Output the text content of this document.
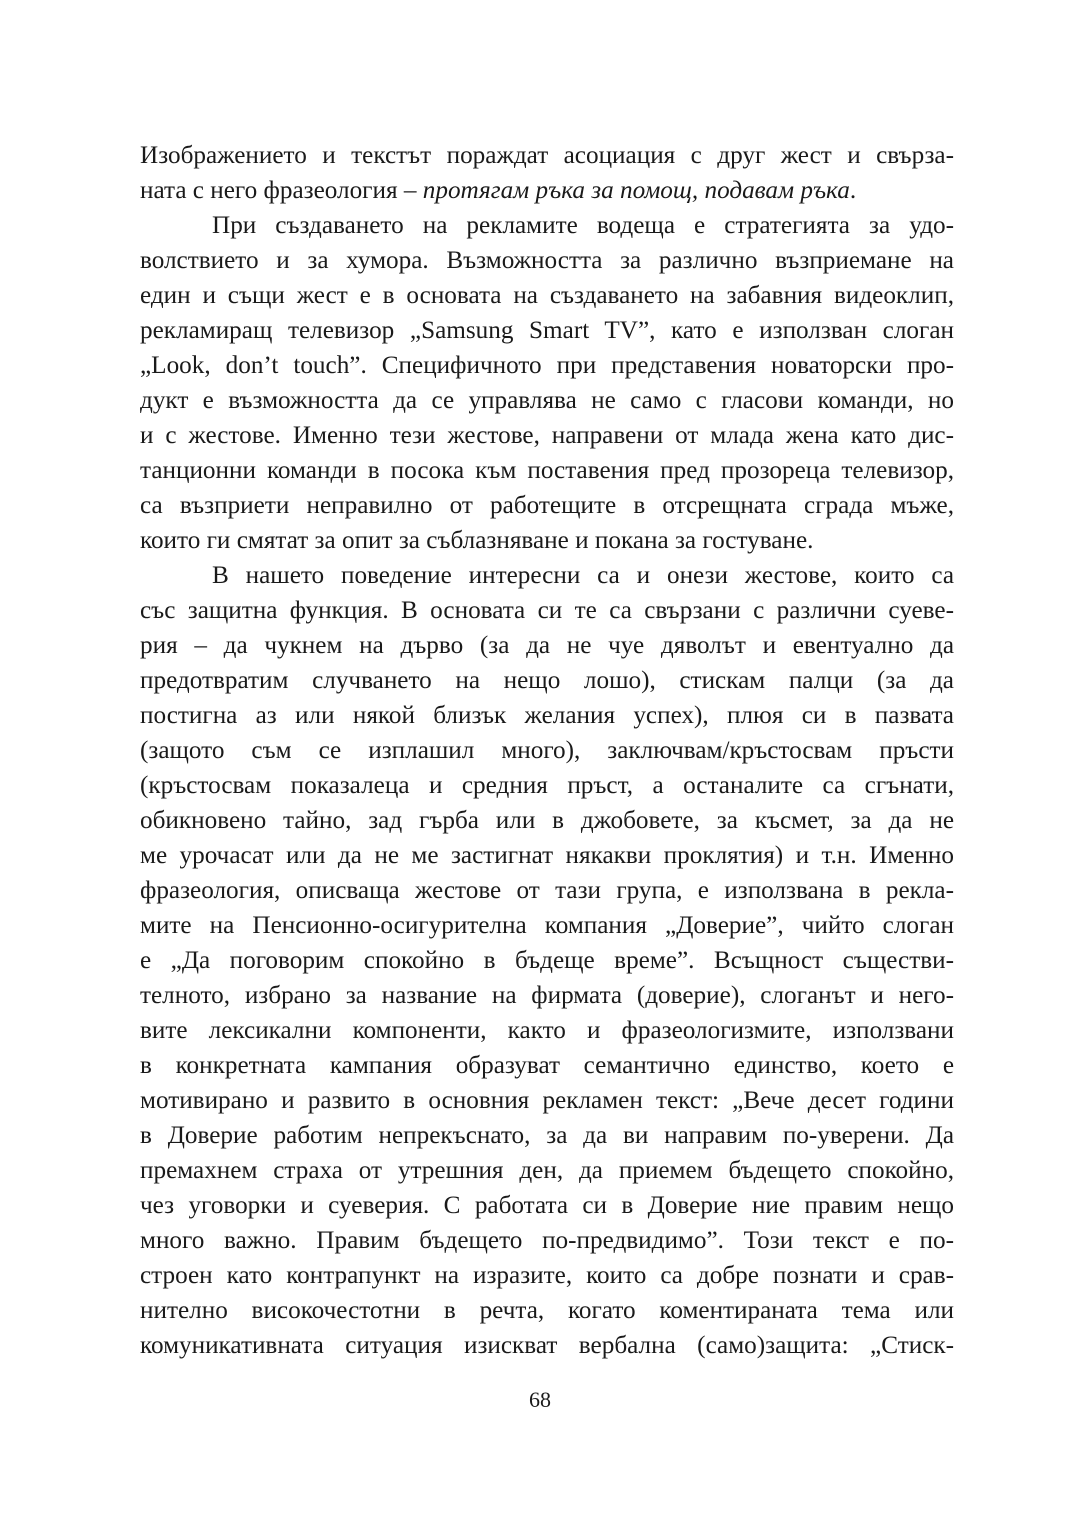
Изображението и текстът пораждат асоциация с друг жест и свърза-
ната с него фразеология – протягам ръка за помощ, подавам ръка.
При създаването на рекламите водеща е стратегията за удо-
волствието и за хумора. Възможността за различно възприемане на
един и същи жест е в основата на създаването на забавния видеоклип,
рекламиращ телевизор „Samsung Smart TV”, като е използван слоган
„Look, don’t touch”. Специфичното при представения новаторски про-
дукт е възможността да се управлява не само с гласови команди, но
и с жестове. Именно тези жестове, направени от млада жена като дис-
танционни команди в посока към поставения пред прозореца телевизор,
са възприети неправилно от работещите в отсрещната сграда мъже,
които ги смятат за опит за съблазняване и покана за гостуване.
В нашето поведение интересни са и онези жестове, които са
със защитна функция. В основата си те са свързани с различни суеве-
рия – да чукнем на дърво (за да не чуе дяволът и евентуално да
предотвратим случването на нещо лошо), стискам палци (за да
постигна аз или някой близък желания успех), плюя си в пазвата
(защото съм се изплашил много), заключвам/кръстосвам пръсти
(кръстосвам показалеца и средния пръст, а останалите са сгънати,
обикновено тайно, зад гърба или в джобовете, за късмет, за да не
ме урочасат или да не ме застигнат някакви проклятия) и т.н. Именно
фразеология, описваща жестове от тази група, е използвана в рекла-
мите на Пенсионно-осигурителна компания „Доверие”, чийто слоган
е „Да поговорим спокойно в бъдеще време”. Всъщност съществи-
телното, избрано за название на фирмата (доверие), слоганът и него-
вите лексикални компоненти, както и фразеологизмите, използвани
в конкретната кампания образуват семантично единство, което е
мотивирано и развито в основния рекламен текст: „Вече десет години
в Доверие работим непрекъснато, за да ви направим по-уверени. Да
премахнем страха от утрешния ден, да приемем бъдещето спокойно,
чез уговорки и суеверия. С работата си в Доверие ние правим нещо
много важно. Правим бъдещето по-предвидимо”. Този текст е по-
строен като контрапункт на изразите, които са добре познати и срав-
нително високочестотни в речта, когато коментираната тема или
комуникативната ситуация изискват вербална (само)защита: „Стиск-
68
